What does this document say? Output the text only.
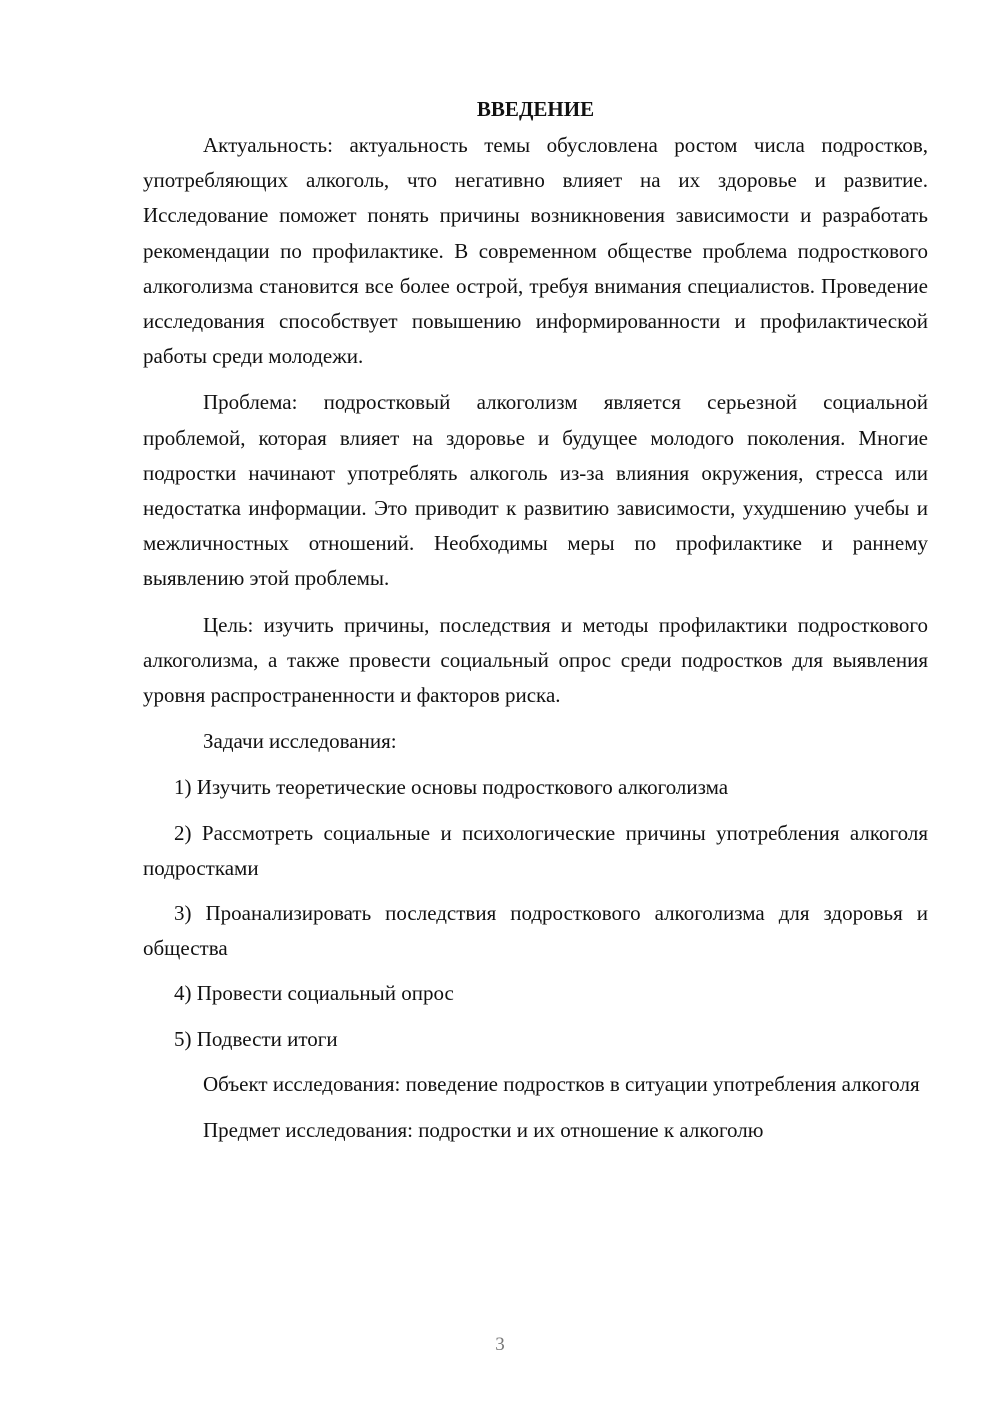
ВВЕДЕНИЕ

Актуальность: актуальность темы обусловлена ростом числа подростков, употребляющих алкоголь, что негативно влияет на их здоровье и развитие. Исследование поможет понять причины возникновения зависимости и разработать рекомендации по профилактике. В современном обществе проблема подросткового алкоголизма становится все более острой, требуя внимания специалистов. Проведение исследования способствует повышению информированности и профилактической работы среди молодежи.

Проблема: подростковый алкоголизм является серьезной социальной проблемой, которая влияет на здоровье и будущее молодого поколения. Многие подростки начинают употреблять алкоголь из-за влияния окружения, стресса или недостатка информации. Это приводит к развитию зависимости, ухудшению учебы и межличностных отношений. Необходимы меры по профилактике и раннему выявлению этой проблемы.

Цель: изучить причины, последствия и методы профилактики подросткового алкоголизма, а также провести социальный опрос среди подростков для выявления уровня распространенности и факторов риска.

Задачи исследования:

1) Изучить теоретические основы подросткового алкоголизма

2) Рассмотреть социальные и психологические причины употребления алкоголя подростками

3) Проанализировать последствия подросткового алкоголизма для здоровья и общества

4) Провести социальный опрос

5) Подвести итоги

Объект исследования: поведение подростков в ситуации употребления алкоголя

Предмет исследования: подростки и их отношение к алкоголю

3
